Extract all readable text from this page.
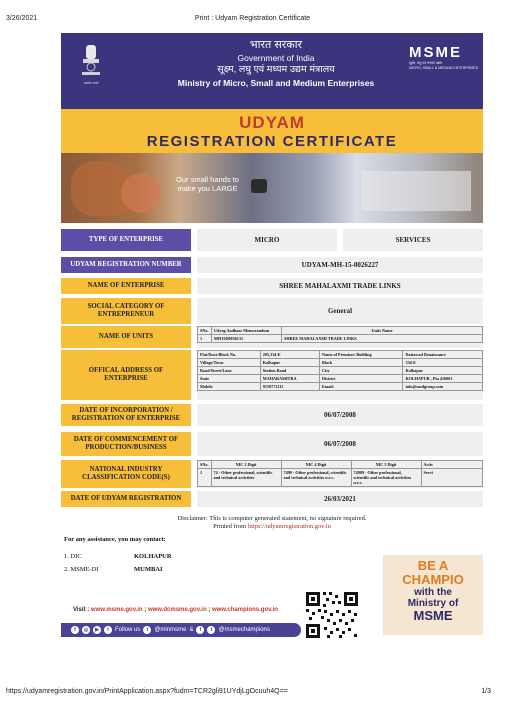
3/26/2021	Print : Udyam Registration Certificate
सत्यमेव जयते
भारत सरकार
Government of India
सूक्ष्म, लघु एवं मध्यम उद्यम मंत्रालय
Ministry of Micro, Small and Medium Enterprises
MSME
सूक्ष्म, लघु एवं मध्यम उद्यम
MICRO, SMALL & MEDIUM ENTERPRISES
UDYAM
REGISTRATION CERTIFICATE
Our small hands to
make you LARGE
TYPE OF ENTERPRISE	MICRO	SERVICES
UDYAM REGISTRATION NUMBER	UDYAM-MH-15-0026227
NAME OF ENTERPRISE	SHREE MAHALAXMI TRADE LINKS
SOCIAL CATEGORY OF ENTREPRENEUR	General
NAME OF UNITS
SNo.	Udyog Aadhaar Memorandum	Units Name
1	MH15D0036131	SHREE MAHALAXMI TRADE LINKS
OFFICAL ADDRESS OF ENTERPRISE
Flat/Door/Block No.	205,334-E	Name of Premises/ Building	Dattawad Renaissance
Village/Town	Kolhapur	Block	334-E
Road/Street/Lane	Station Road	City	Kolhapur
State	MAHARASHTRA	District	KOLHAPUR , Pin 416001
Mobile	9158772111	Email:	info@smtlgroup.com
DATE OF INCORPORATION / REGISTRATION OF ENTERPRISE	06/07/2008
DATE OF COMMENCEMENT OF PRODUCTION/BUSINESS	06/07/2008
NATIONAL INDUSTRY CLASSIFICATION CODE(S)
SNo.	NIC 2 Digit	NIC 4 Digit	NIC 5 Digit	Activ
1	74 - Other professional, scientific and technical activities	7490 - Other professional, scientific and technical activities n.e.c.	74909 - Other professional, scientific and technical activities n.e.c.	Servi
DATE OF UDYAM REGISTRATION	26/03/2021
Disclaimer: This is computer generated statement, no signature required.
Printed from https://udyamregistration.gov.in
For any assistance, you may contact:
1. DIC	KOLHAPUR
2. MSME-DI	MUMBAI	BE A
CHAMPIO
with the
Ministry of
MSME
Visit : www.msme.gov.in ; www.dcmsme.gov.in ; www.champions.gov.in
f	◎	▶	t	Follow us	t	@minmsme &	f	t	@msmechampions
https://udyamregistration.gov.in/PrintApplication.aspx?fudm=TCR2gli91UYdjLgOcuuh4Q==	1/3
